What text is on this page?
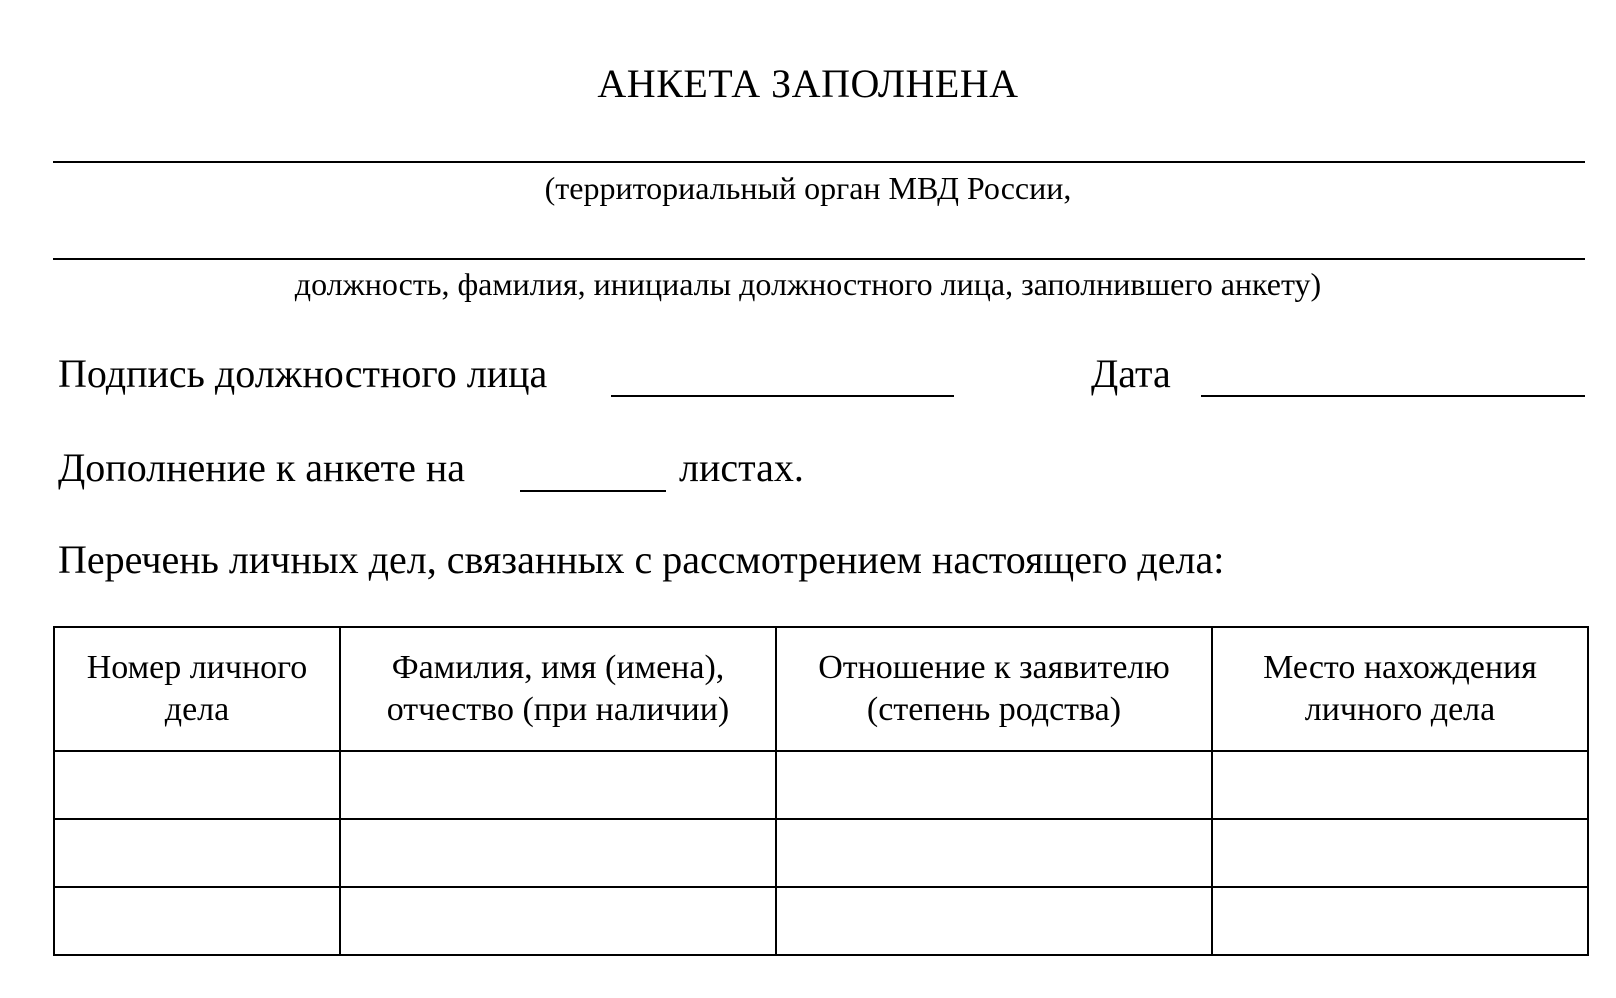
АНКЕТА ЗАПОЛНЕНА
(территориальный орган МВД России,
должность, фамилия, инициалы должностного лица, заполнившего анкету)
Подпись должностного лица	Дата
Дополнение к анкете на	листах.
Перечень личных дел, связанных с рассмотрением настоящего дела:
Номер личного дела	Фамилия, имя (имена), отчество (при наличии)	Отношение к заявителю (степень родства)	Место нахождения личного дела
